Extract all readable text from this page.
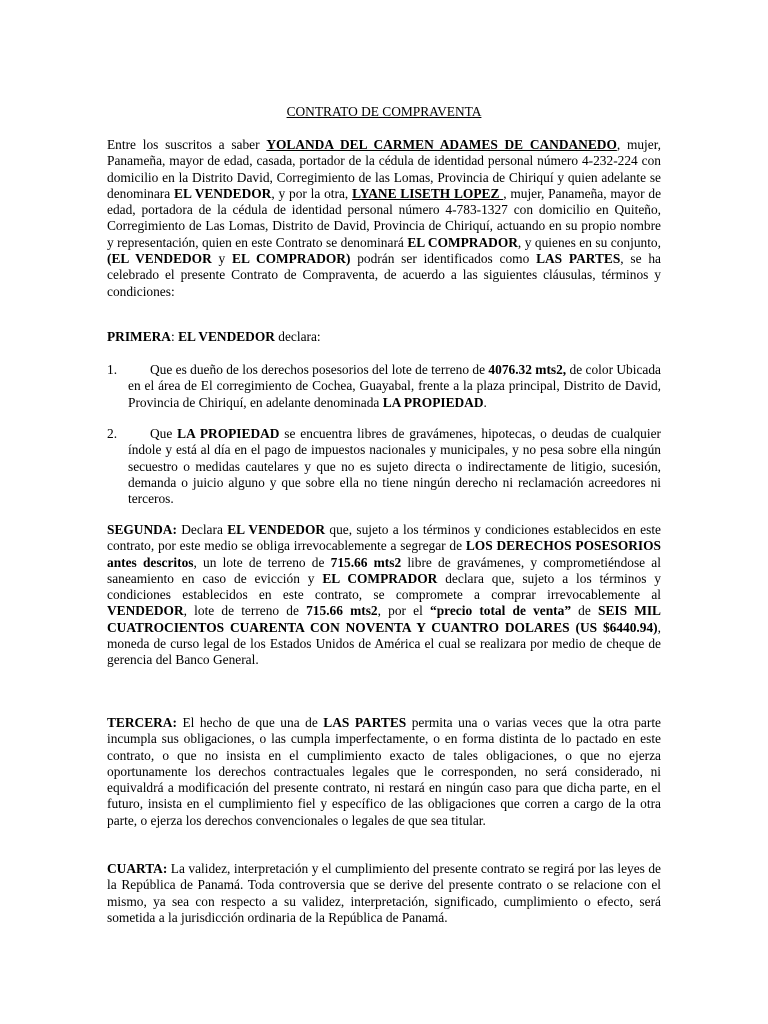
CONTRATO DE COMPRAVENTA
Entre los suscritos a saber YOLANDA DEL CARMEN ADAMES DE CANDANEDO, mujer, Panameña, mayor de edad, casada, portador de la cédula de identidad personal número 4-232-224 con domicilio en la Distrito David, Corregimiento de las Lomas, Provincia de Chiriquí y quien adelante se denominara EL VENDEDOR, y por la otra, LYANE LISETH LOPEZ , mujer, Panameña, mayor de edad, portadora de la cédula de identidad personal número 4-783-1327 con domicilio en Quiteño, Corregimiento de Las Lomas, Distrito de David, Provincia de Chiriquí, actuando en su propio nombre y representación, quien en este Contrato se denominará EL COMPRADOR, y quienes en su conjunto, (EL VENDEDOR y EL COMPRADOR) podrán ser identificados como LAS PARTES, se ha celebrado el presente Contrato de Compraventa, de acuerdo a las siguientes cláusulas, términos y condiciones:
PRIMERA: EL VENDEDOR declara:
1.	Que es dueño de los derechos posesorios del lote de terreno de 4076.32 mts2, de color Ubicada en el área de El corregimiento de Cochea, Guayabal, frente a la plaza principal, Distrito de David, Provincia de Chiriquí, en adelante denominada LA PROPIEDAD.
2.	Que LA PROPIEDAD se encuentra libres de gravámenes, hipotecas, o deudas de cualquier índole y está al día en el pago de impuestos nacionales y municipales, y no pesa sobre ella ningún secuestro o medidas cautelares y que no es sujeto directa o indirectamente de litigio, sucesión, demanda o juicio alguno y que sobre ella no tiene ningún derecho ni reclamación acreedores ni terceros.
SEGUNDA: Declara EL VENDEDOR que, sujeto a los términos y condiciones establecidos en este contrato, por este medio se obliga irrevocablemente a segregar de LOS DERECHOS POSESORIOS antes descritos, un lote de terreno de 715.66 mts2 libre de gravámenes, y comprometiéndose al saneamiento en caso de evicción y EL COMPRADOR declara que, sujeto a los términos y condiciones establecidos en este contrato, se compromete a comprar irrevocablemente al VENDEDOR, lote de terreno de 715.66 mts2, por el “precio total de venta” de SEIS MIL CUATROCIENTOS CUARENTA CON NOVENTA Y CUANTRO DOLARES (US $6440.94), moneda de curso legal de los Estados Unidos de América el cual se realizara por medio de cheque de gerencia del Banco General.
TERCERA: El hecho de que una de LAS PARTES permita una o varias veces que la otra parte incumpla sus obligaciones, o las cumpla imperfectamente, o en forma distinta de lo pactado en este contrato, o que no insista en el cumplimiento exacto de tales obligaciones, o que no ejerza oportunamente los derechos contractuales legales que le corresponden, no será considerado, ni equivaldrá a modificación del presente contrato, ni restará en ningún caso para que dicha parte, en el futuro, insista en el cumplimiento fiel y específico de las obligaciones que corren a cargo de la otra parte, o ejerza los derechos convencionales o legales de que sea titular.
CUARTA: La validez, interpretación y el cumplimiento del presente contrato se regirá por las leyes de la República de Panamá. Toda controversia que se derive del presente contrato o se relacione con el mismo, ya sea con respecto a su validez, interpretación, significado, cumplimiento o efecto, será sometida a la jurisdicción ordinaria de la República de Panamá.
